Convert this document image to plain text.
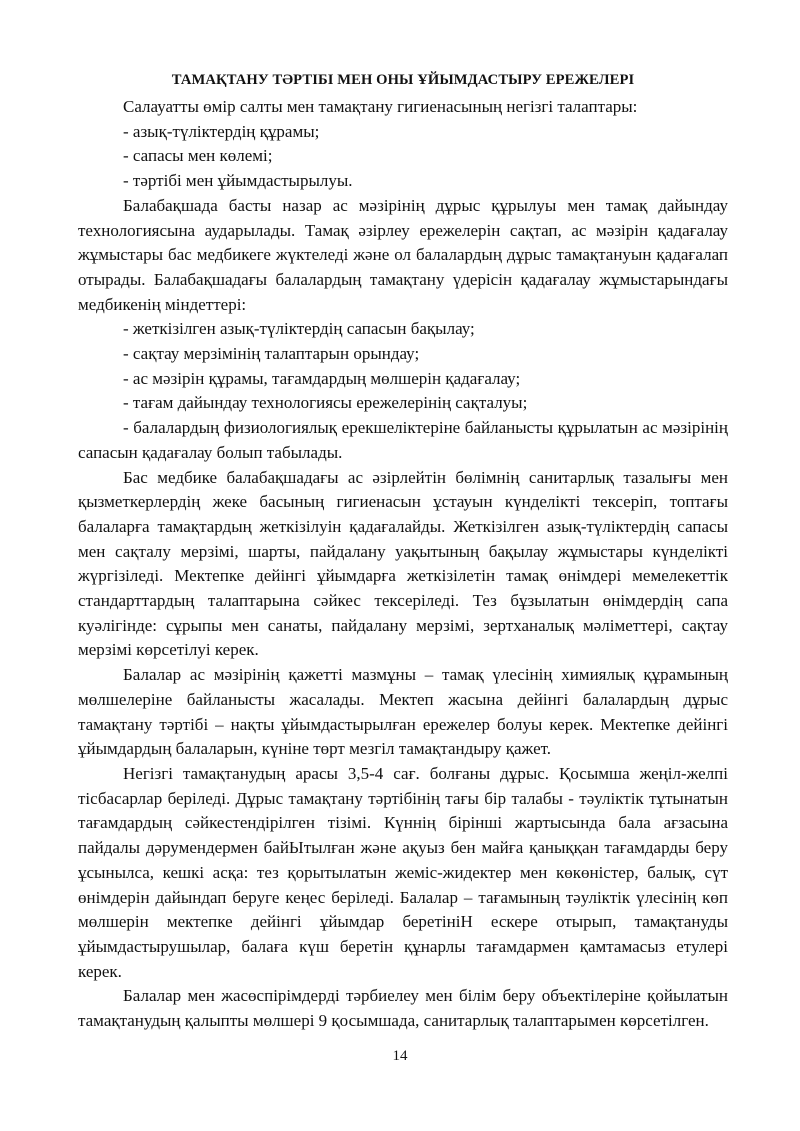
ТАМАҚТАНУ ТӘРТІБІ МЕН ОНЫ ҰЙЫМДАСТЫРУ ЕРЕЖЕЛЕРІ

Салауатты өмір салты мен тамақтану гигиенасының негізгі талаптары:

- азық-түліктердің құрамы;

- сапасы мен көлемі;

- тәртібі мен ұйымдастырылуы.

Балабақшада басты назар ас мәзірінің дұрыс құрылуы мен тамақ дайындау технологиясына аударылады. Тамақ әзірлеу ережелерін сақтап, ас мәзірін қадағалау жұмыстары бас медбикеге жүктеледі және ол балалардың дұрыс тамақтануын қадағалап отырады. Балабақшадағы балалардың тамақтану үдерісін қадағалау жұмыстарындағы медбикенің міндеттері:

- жеткізілген азық-түліктердің сапасын бақылау;

- сақтау мерзімінің талаптарын орындау;

- ас мәзірін құрамы, тағамдардың мөлшерін қадағалау;

- тағам дайындау технологиясы ережелерінің сақталуы;

- балалардың физиологиялық ерекшеліктеріне байланысты құрылатын ас мәзірінің сапасын қадағалау болып табылады.

Бас медбике балабақшадағы ас әзірлейтін бөлімнің санитарлық тазалығы мен қызметкерлердің жеке басының гигиенасын ұстауын күнделікті тексеріп, топтағы балаларға тамақтардың жеткізілуін қадағалайды. Жеткізілген азық-түліктердің сапасы мен сақталу мерзімі, шарты, пайдалану уақытының бақылау жұмыстары күнделікті жүргізіледі. Мектепке дейінгі ұйымдарға жеткізілетін тамақ өнімдері мемелекеттік стандарттардың талаптарына сәйкес тексеріледі. Тез бұзылатын өнімдердің сапа куәлігінде: сұрыпы мен санаты, пайдалану мерзімі, зертханалық мәліметтері, сақтау мерзімі көрсетілуі керек.

Балалар ас мәзірінің қажетті мазмұны – тамақ үлесінің химиялық құрамының мөлшелеріне байланысты жасалады. Мектеп жасына дейінгі балалардың дұрыс тамақтану тәртібі – нақты ұйымдастырылған ережелер болуы керек. Мектепке дейінгі ұйымдардың балаларын, күніне төрт мезгіл тамақтандыру қажет.

Негізгі тамақтанудың арасы 3,5-4 сағ. болғаны дұрыс. Қосымша жеңіл-желпі тісбасарлар беріледі. Дұрыс тамақтану тәртібінің тағы бір талабы - тәуліктік тұтынатын тағамдардың сәйкестендірілген тізімі. Күннің бірінші жартысында бала ағзасына пайдалы дәрумендермен байЫтылған және ақуыз бен майға қаныққан тағамдарды беру ұсынылса, кешкі асқа: тез қорытылатын жеміс-жидектер мен көкөністер, балық, сүт өнімдерін дайындап беруге кеңес беріледі. Балалар – тағамының тәуліктік үлесінің көп мөлшерін мектепке дейінгі ұйымдар беретініН ескере отырып, тамақтануды ұйымдастырушылар, балаға күш беретін құнарлы тағамдармен қамтамасыз етулері керек.

Балалар мен жасөспірімдерді тәрбиелеу мен білім беру объектілеріне қойылатын тамақтанудың қалыпты мөлшері 9 қосымшада, санитарлық талаптарымен көрсетілген.

14
